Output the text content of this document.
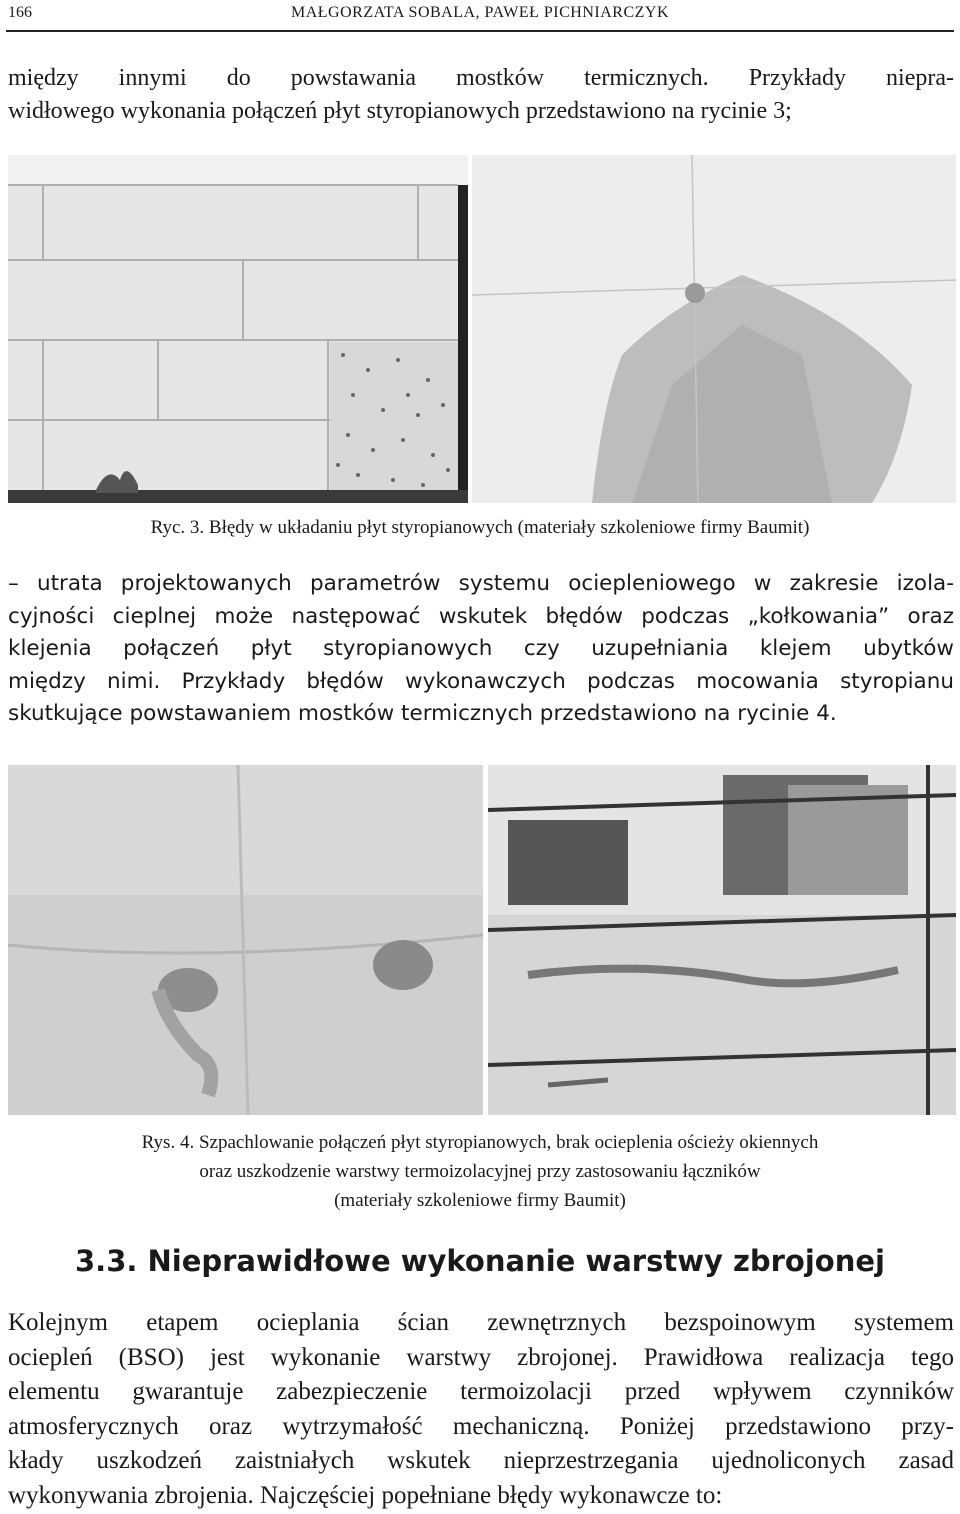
166	MAŁGORZATA SOBALA, PAWEŁ PICHNIARCZYK
między innymi do powstawania mostków termicznych. Przykłady niepra-
widłowego wykonania połączeń płyt styropianowych przedstawiono na rycinie 3;
Ryc. 3. Błędy w układaniu płyt styropianowych (materiały szkoleniowe firmy Baumit)
– utrata projektowanych parametrów systemu ociepleniowego w zakresie izola-
cyjności cieplnej może następować wskutek błędów podczas „kołkowania” oraz
klejenia połączeń płyt styropianowych czy uzupełniania klejem ubytków
między nimi. Przykłady błędów wykonawczych podczas mocowania styropianu
skutkujące powstawaniem mostków termicznych przedstawiono na rycinie 4.
Rys. 4. Szpachlowanie połączeń płyt styropianowych, brak ocieplenia ościeży okiennych
oraz uszkodzenie warstwy termoizolacyjnej przy zastosowaniu łączników
(materiały szkoleniowe firmy Baumit)
3.3. Nieprawidłowe wykonanie warstwy zbrojonej
Kolejnym etapem ocieplania ścian zewnętrznych bezspoinowym systemem
ociepleń (BSO) jest wykonanie warstwy zbrojonej. Prawidłowa realizacja tego
elementu gwarantuje zabezpieczenie termoizolacji przed wpływem czynników
atmosferycznych oraz wytrzymałość mechaniczną. Poniżej przedstawiono przy-
kłady uszkodzeń zaistniałych wskutek nieprzestrzegania ujednoliconych zasad
wykonywania zbrojenia. Najczęściej popełniane błędy wykonawcze to:
